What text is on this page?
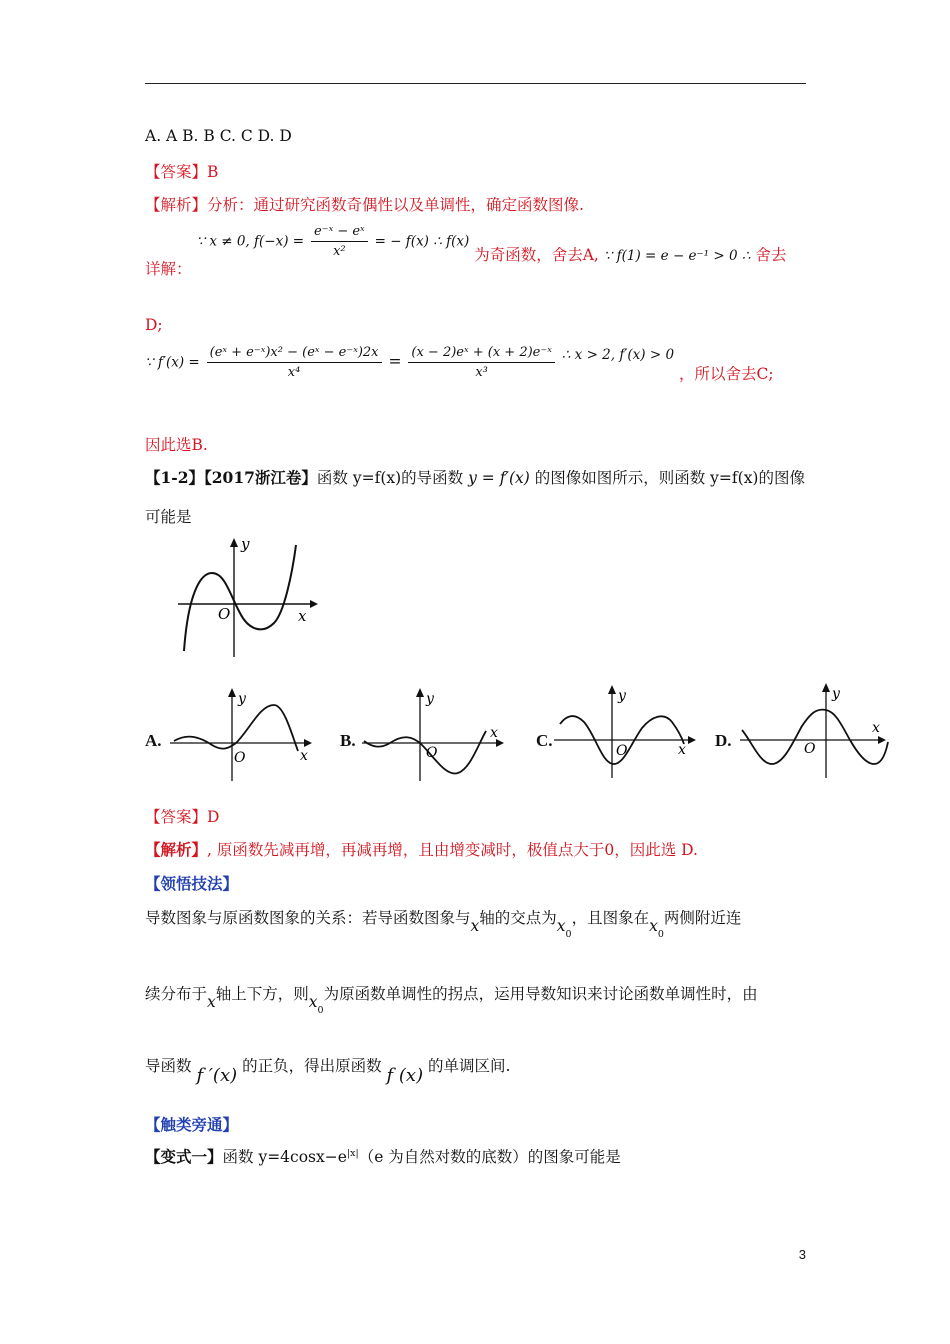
A. A B. B C. C D. D
【答案】B
【解析】分析：通过研究函数奇偶性以及单调性，确定函数图像.
详解： ∵ x ≠ 0, $f(-x) = \frac{\text{e⁻ˣ − eˣ}}{\text{x²}}$ = − f(x) ∴ f(x) 为奇函数，舍去A, ∵ f(1) = e − e⁻¹ > 0 ∴ 舍去
D;
∵ $f'(x) = \frac{\text{(eˣ + e⁻ˣ)x² − (eˣ − e⁻ˣ)2x}}{\text{x⁴}} = \frac{\text{(x − 2)eˣ + (x + 2)e⁻ˣ}}{\text{x³}}$ ∴ x > 2, f′(x) > 0 ，所以舍去C;
因此选B.
【1-2】【2017浙江卷】函数 y=f(x)的导函数 y = f′(x) 的图像如图所示，则函数 y=f(x)的图像
可能是
y
x
O
A.
y
x
O
B.
y
x
O
C.
y
x
O
D.
y
x
O
【答案】D
【解析】, 原函数先减再增，再减再增，且由增变减时，极值点大于0，因此选 D.
【领悟技法】
导数图象与原函数图象的关系：若导函数图象与x轴的交点为$x_0$，且图象在$x_0$两侧附近连
续分布于x轴上下方，则$x_0$为原函数单调性的拐点，运用导数知识来讨论函数单调性时，由
导函数 f ′(x) 的正负，得出原函数 f (x) 的单调区间.
【触类旁通】
【变式一】函数 $y=4\cos x-e^{|x|}(e$ 为自然对数的底数）的图象可能是
3
